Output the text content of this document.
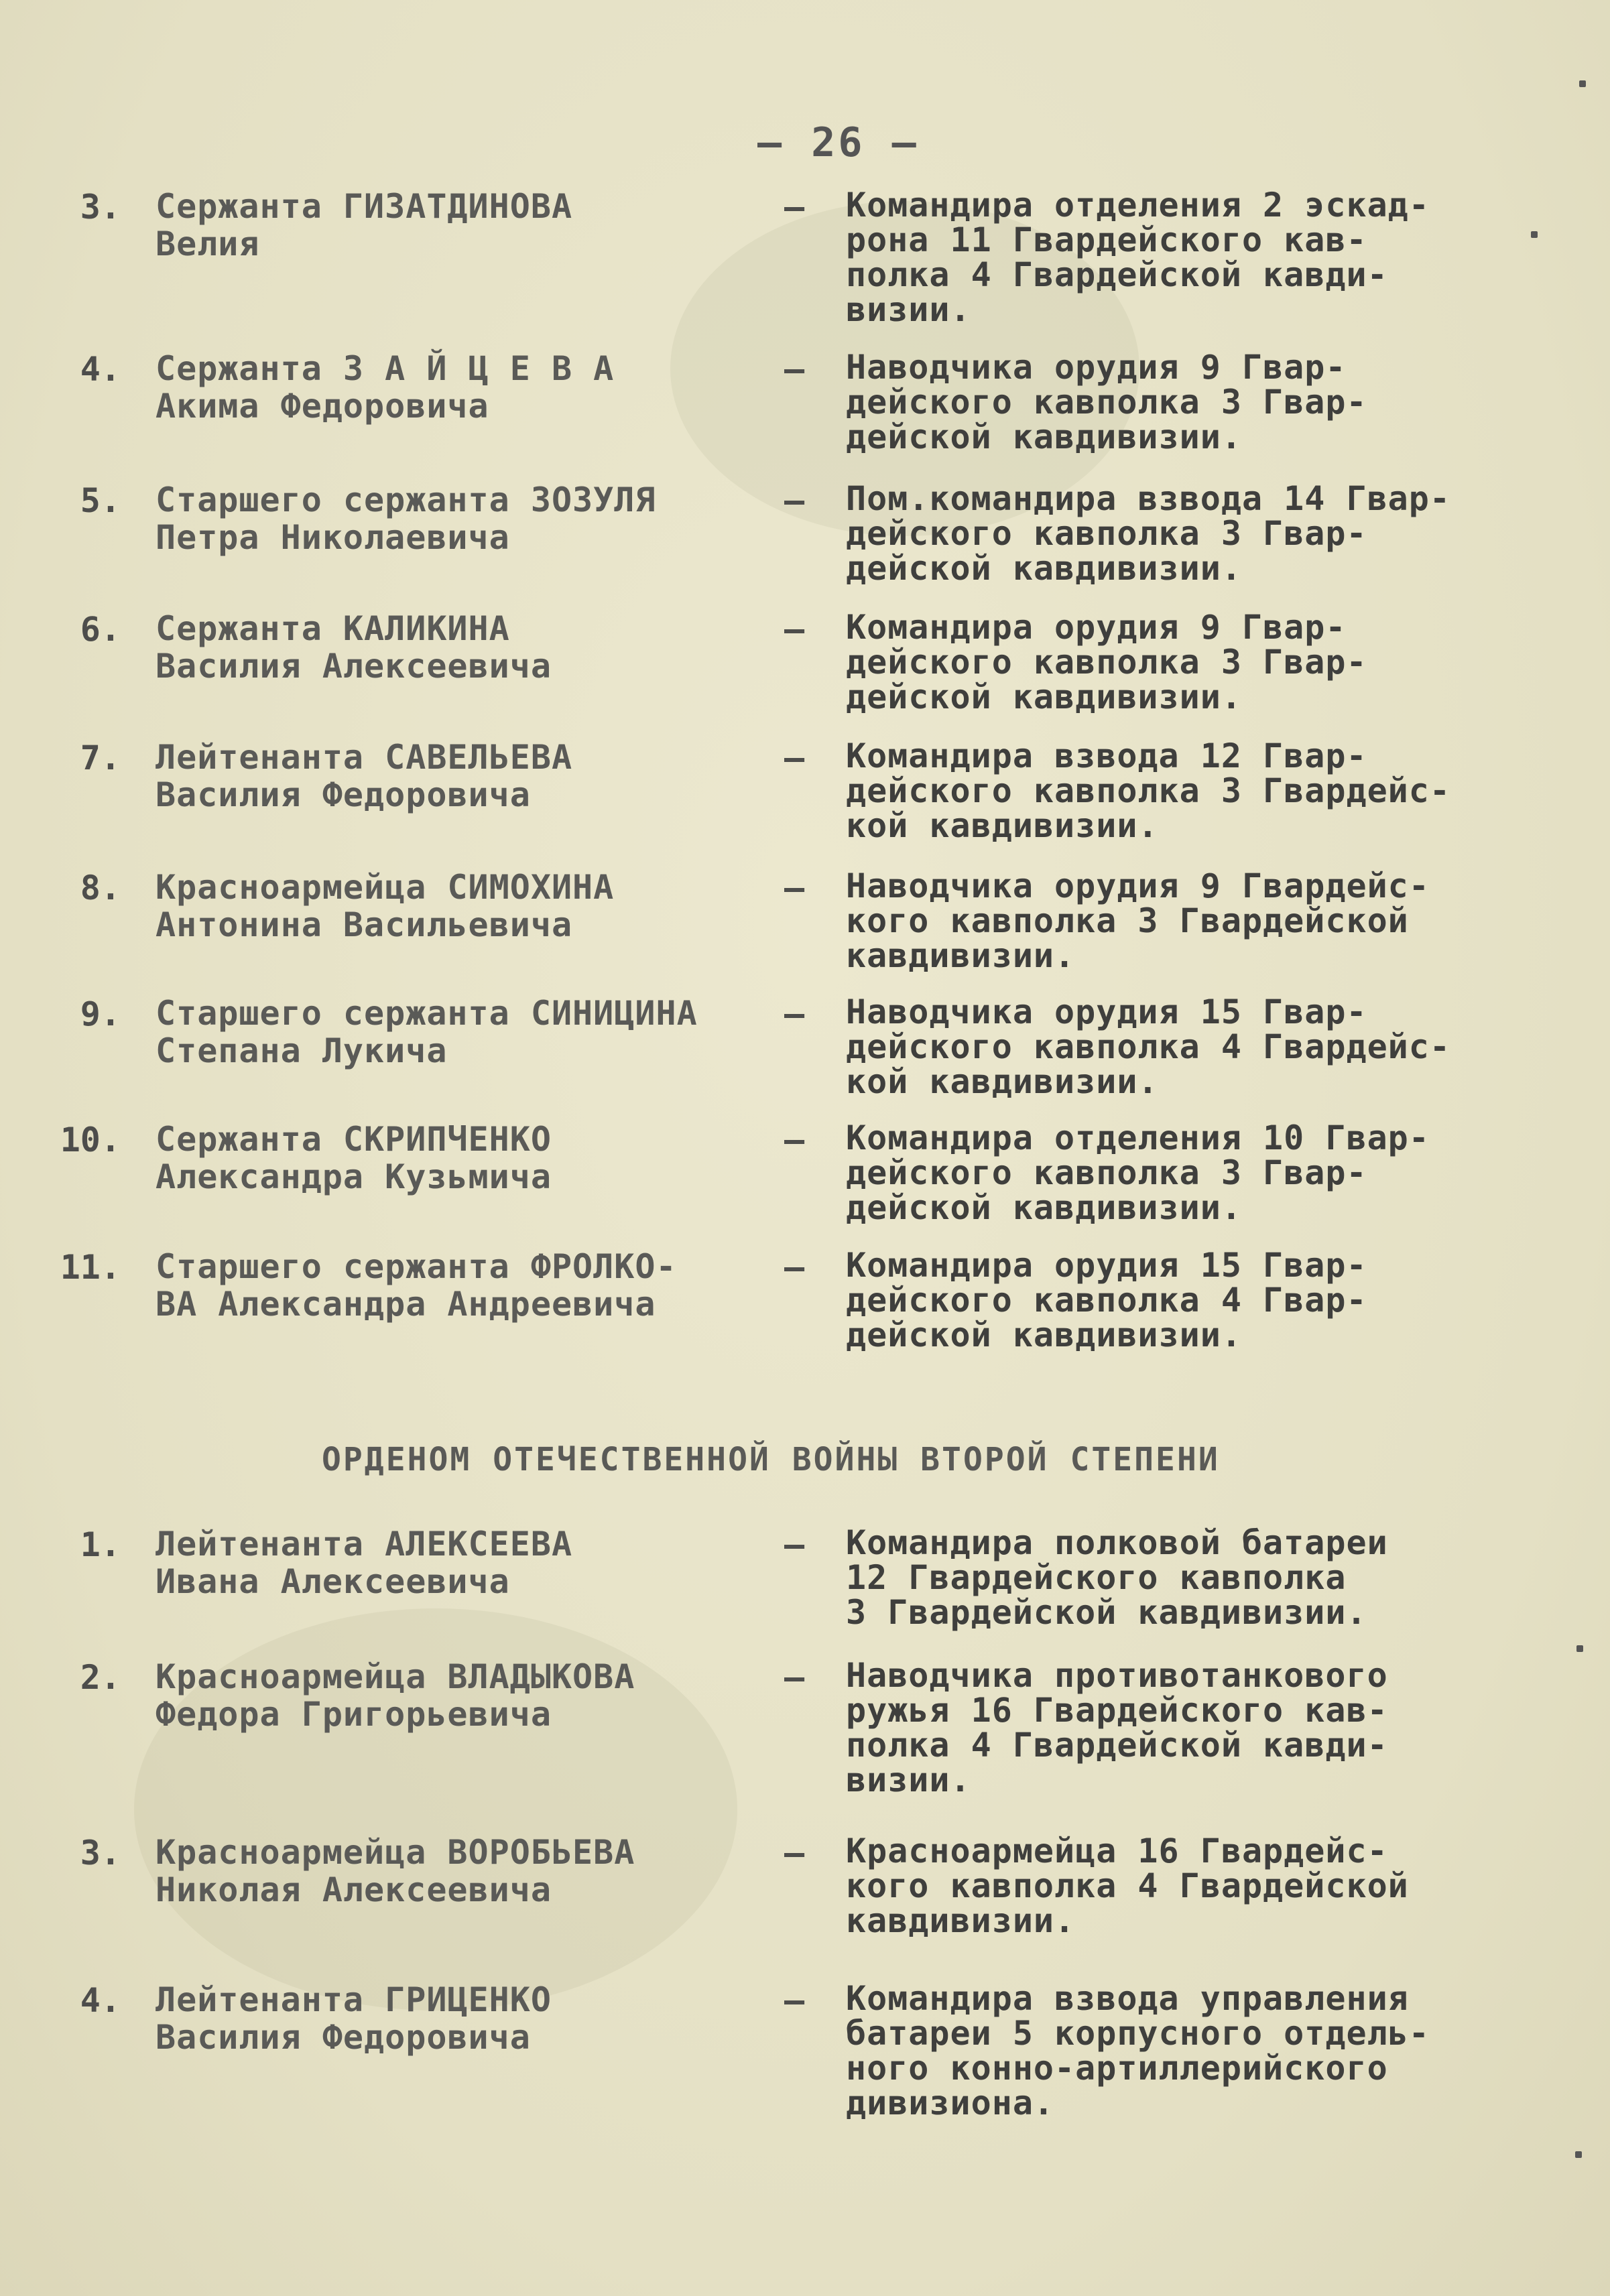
– 26 –
3. Сержанта ГИЗАТДИНОВА
Велия
– Командира отделения 2 эскад-
рона 11 Гвардейского кав-
полка 4 Гвардейской кавди-
визии.
4. Сержанта З А Й Ц Е В А
Акима Федоровича
– Наводчика орудия 9 Гвар-
дейского кавполка 3 Гвар-
дейской кавдивизии.
5. Старшего сержанта ЗОЗУЛЯ
Петра Николаевича
– Пом.командира взвода 14 Гвар-
дейского кавполка 3 Гвар-
дейской кавдивизии.
6. Сержанта КАЛИКИНА
Василия Алексеевича
– Командира орудия 9 Гвар-
дейского кавполка 3 Гвар-
дейской кавдивизии.
7. Лейтенанта САВЕЛЬЕВА
Василия Федоровича
– Командира взвода 12 Гвар-
дейского кавполка 3 Гвардейс-
кой кавдивизии.
8. Красноармейца СИМОХИНА
Антонина Васильевича
– Наводчика орудия 9 Гвардейс-
кого кавполка 3 Гвардейской
кавдивизии.
9. Старшего сержанта СИНИЦИНА
Степана Лукича
– Наводчика орудия 15 Гвар-
дейского кавполка 4 Гвардейс-
кой кавдивизии.
10. Сержанта СКРИПЧЕНКО
Александра Кузьмича
– Командира отделения 10 Гвар-
дейского кавполка 3 Гвар-
дейской кавдивизии.
11. Старшего сержанта ФРОЛКО-
ВА Александра Андреевича
– Командира орудия 15 Гвар-
дейского кавполка 4 Гвар-
дейской кавдивизии.
ОРДЕНОМ ОТЕЧЕСТВЕННОЙ ВОЙНЫ ВТОРОЙ СТЕПЕНИ
1. Лейтенанта АЛЕКСЕЕВА
Ивана Алексеевича
– Командира полковой батареи
12 Гвардейского кавполка
3 Гвардейской кавдивизии.
2. Красноармейца ВЛАДЫКОВА
Федора Григорьевича
– Наводчика противотанкового
ружья 16 Гвардейского кав-
полка 4 Гвардейской кавди-
визии.
3. Красноармейца ВОРОБЬЕВА
Николая Алексеевича
– Красноармейца 16 Гвардейс-
кого кавполка 4 Гвардейской
кавдивизии.
4. Лейтенанта ГРИЦЕНКО
Василия Федоровича
– Командира взвода управления
батареи 5 корпусного отдель-
ного конно-артиллерийского
дивизиона.
